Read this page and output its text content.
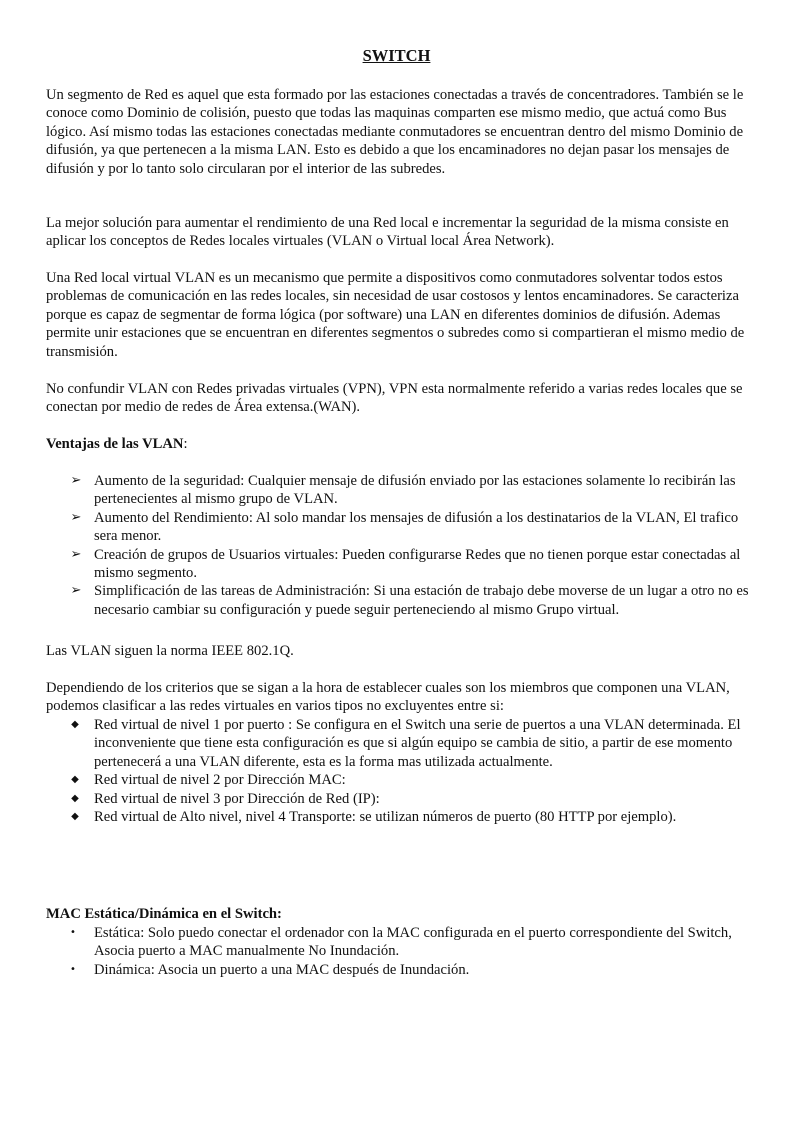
SWITCH

Un segmento de Red es aquel que esta formado por las estaciones conectadas a través de concentradores. También se le conoce como Dominio de colisión, puesto que todas las maquinas comparten ese mismo medio, que actuá como Bus lógico. Así mismo todas las estaciones conectadas mediante conmutadores se encuentran dentro del mismo Dominio de difusión, ya que pertenecen a la misma LAN. Esto es debido a que los encaminadores no dejan pasar los mensajes de difusión y por lo tanto solo circularan por el interior de las subredes.

La mejor solución para aumentar el rendimiento de una Red local e incrementar la seguridad de la misma consiste en aplicar los conceptos de Redes locales virtuales (VLAN o Virtual local Área Network).

Una Red local virtual VLAN es un mecanismo que permite a dispositivos como conmutadores solventar todos estos problemas de comunicación en las redes locales, sin necesidad de usar costosos y lentos encaminadores. Se caracteriza porque es capaz de segmentar de forma lógica (por software) una LAN en diferentes dominios de difusión. Ademas permite unir estaciones que se encuentran en diferentes segmentos o subredes como si compartieran el mismo medio de transmisión.

No confundir VLAN con Redes privadas virtuales (VPN), VPN esta normalmente referido a varias redes locales que se conectan por medio de redes de Área extensa.(WAN).

Ventajas de las VLAN:

➢ Aumento de la seguridad: Cualquier mensaje de difusión enviado por las estaciones solamente lo recibirán las pertenecientes al mismo grupo de VLAN.
➢ Aumento del Rendimiento: Al solo mandar los mensajes de difusión a los destinatarios de la VLAN, El trafico sera menor.
➢ Creación de grupos de Usuarios virtuales: Pueden configurarse Redes que no tienen porque estar conectadas al mismo segmento.
➢ Simplificación de las tareas de Administración: Si una estación de trabajo debe moverse de un lugar a otro no es necesario cambiar su configuración y puede seguir perteneciendo al mismo Grupo virtual.

Las VLAN siguen la norma IEEE 802.1Q.

Dependiendo de los criterios que se sigan a la hora de establecer cuales son los miembros que componen una VLAN, podemos clasificar a las redes virtuales en varios tipos no excluyentes entre si:

◆	Red virtual de nivel 1 por puerto : Se configura en el Switch una serie de puertos a una VLAN determinada. El inconveniente que tiene esta configuración es que si algún equipo se cambia de sitio, a partir de ese momento pertenecerá a una VLAN diferente, esta es la forma mas utilizada actualmente.
◆	Red virtual de nivel 2 por Dirección MAC:
◆	Red virtual de nivel 3 por Dirección de Red (IP):
◆	Red virtual de Alto nivel, nivel 4 Transporte: se utilizan números de puerto (80 HTTP por ejemplo).

MAC Estática/Dinámica en el Switch:

•	Estática: Solo puedo conectar el ordenador con la MAC configurada en el puerto correspondiente del Switch, Asocia puerto a MAC manualmente No Inundación.
•	Dinámica: Asocia un puerto a una MAC después de Inundación.
